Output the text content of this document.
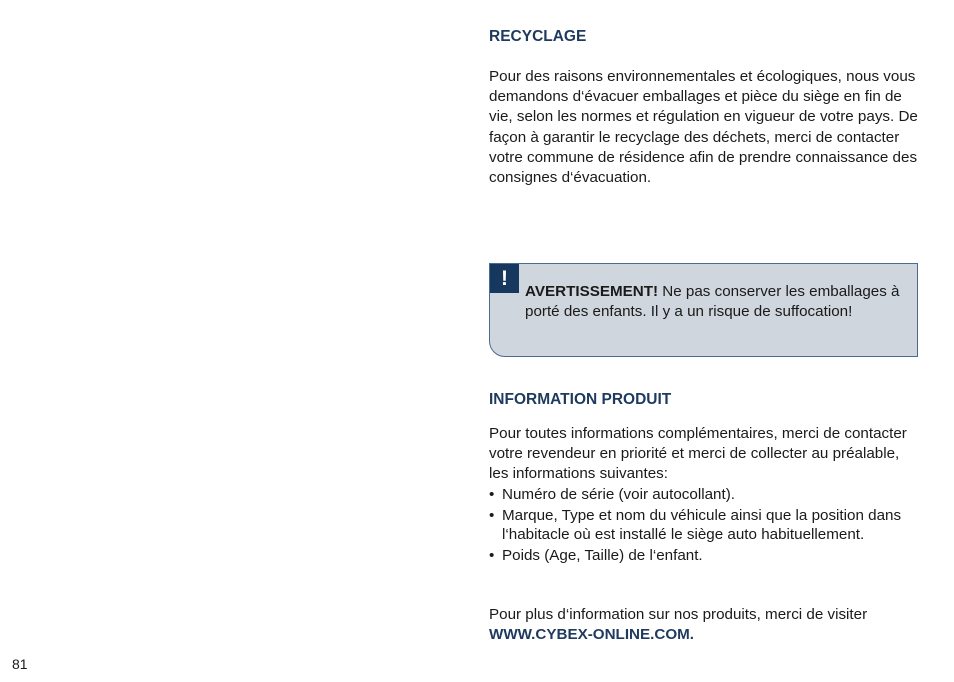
RECYCLAGE

Pour des raisons environnementales et écologiques, nous vous demandons d‘évacuer emballages et pièce du siège en fin de vie, selon les normes et régulation en vigueur de votre pays. De façon à garantir le recyclage des déchets, merci de contacter votre commune de résidence afin de prendre connaissance des consignes d‘évacuation.

!

AVERTISSEMENT! Ne pas conserver les emballages à porté des enfants. Il y a un risque de suffocation!

INFORMATION PRODUIT

Pour toutes informations complémentaires, merci de contacter votre revendeur en priorité et merci de collecter au préalable, les informations suivantes:

• Numéro de série (voir autocollant).
• Marque, Type et nom du véhicule ainsi que la position dans l‘habitacle où est installé le siège auto habituellement.
• Poids (Age, Taille) de l‘enfant.

Pour plus d‘information sur nos produits, merci de visiter
WWW.CYBEX-ONLINE.COM.

81
